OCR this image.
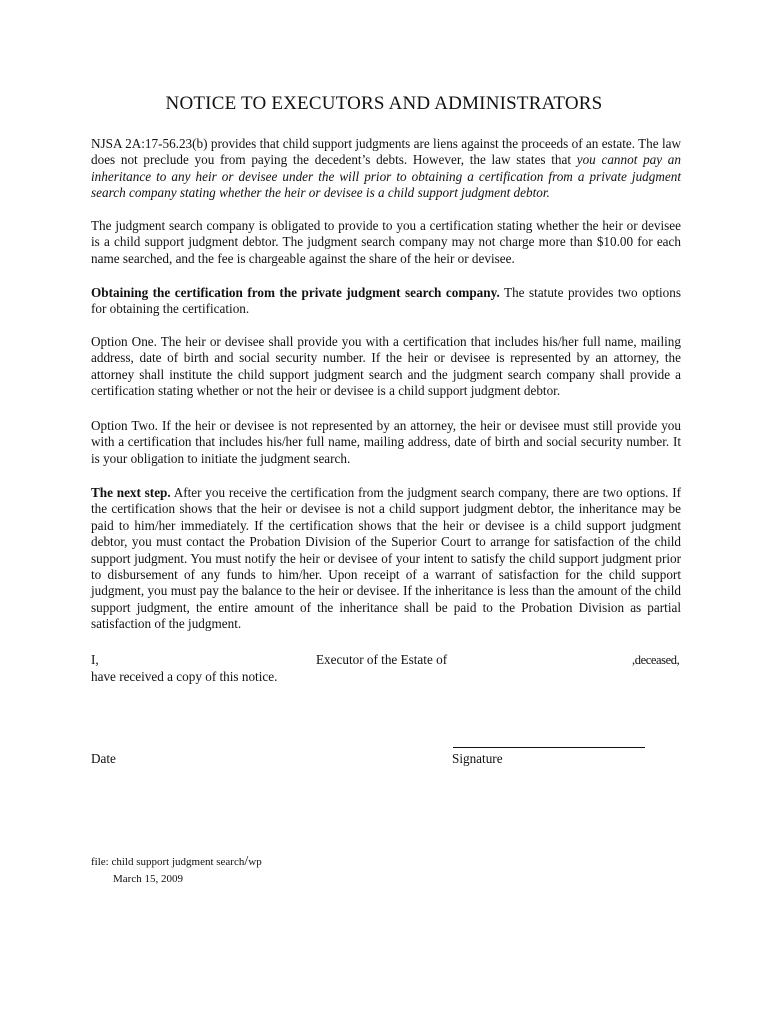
NOTICE TO EXECUTORS AND ADMINISTRATORS
NJSA 2A:17-56.23(b) provides that child support judgments are liens against the proceeds of an estate. The law does not preclude you from paying the decedent’s debts. However, the law states that you cannot pay an inheritance to any heir or devisee under the will prior to obtaining a certification from a private judgment search company stating whether the heir or devisee is a child support judgment debtor.
The judgment search company is obligated to provide to you a certification stating whether the heir or devisee is a child support judgment debtor. The judgment search company may not charge more than $10.00 for each name searched, and the fee is chargeable against the share of the heir or devisee.
Obtaining the certification from the private judgment search company. The statute provides two options for obtaining the certification.
Option One. The heir or devisee shall provide you with a certification that includes his/her full name, mailing address, date of birth and social security number. If the heir or devisee is represented by an attorney, the attorney shall institute the child support judgment search and the judgment search company shall provide a certification stating whether or not the heir or devisee is a child support judgment debtor.
Option Two. If the heir or devisee is not represented by an attorney, the heir or devisee must still provide you with a certification that includes his/her full name, mailing address, date of birth and social security number. It is your obligation to initiate the judgment search.
The next step. After you receive the certification from the judgment search company, there are two options. If the certification shows that the heir or devisee is not a child support judgment debtor, the inheritance may be paid to him/her immediately. If the certification shows that the heir or devisee is a child support judgment debtor, you must contact the Probation Division of the Superior Court to arrange for satisfaction of the child support judgment. You must notify the heir or devisee of your intent to satisfy the child support judgment prior to disbursement of any funds to him/her. Upon receipt of a warrant of satisfaction for the child support judgment, you must pay the balance to the heir or devisee. If the inheritance is less than the amount of the child support judgment, the entire amount of the inheritance shall be paid to the Probation Division as partial satisfaction of the judgment.
I,	Executor of the Estate of	,deceased,
have received a copy of this notice.
Date	Signature
file: child support judgment search/wp
March 15, 2009
